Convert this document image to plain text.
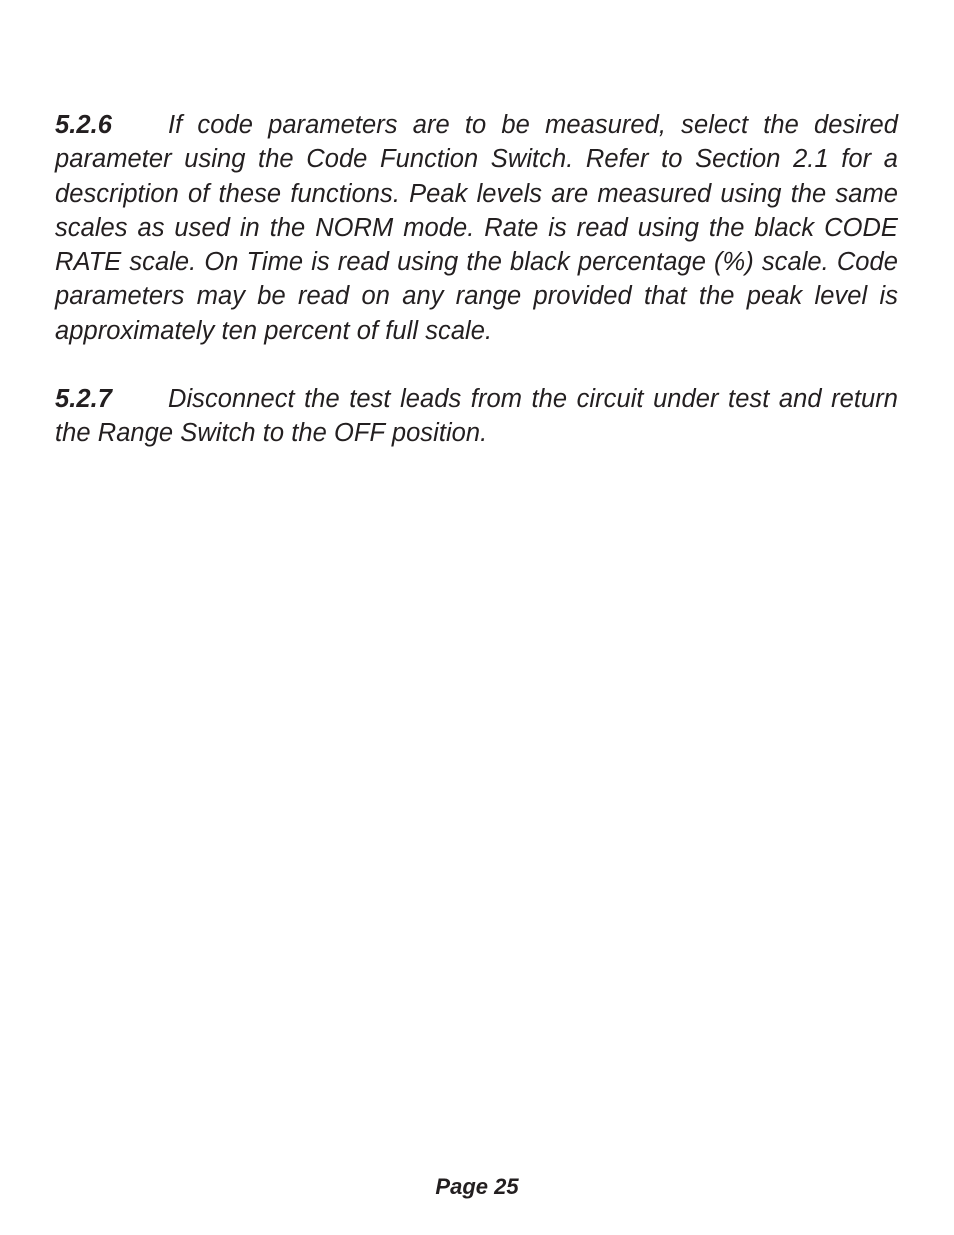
5.2.6 If code parameters are to be measured, select the desired parameter using the Code Function Switch. Refer to Section 2.1 for a description of these functions. Peak levels are measured using the same scales as used in the NORM mode. Rate is read using the black CODE RATE scale. On Time is read using the black percentage (%) scale. Code parameters may be read on any range provided that the peak level is approximately ten percent of full scale.
5.2.7 Disconnect the test leads from the circuit under test and return the Range Switch to the OFF position.
Page 25
